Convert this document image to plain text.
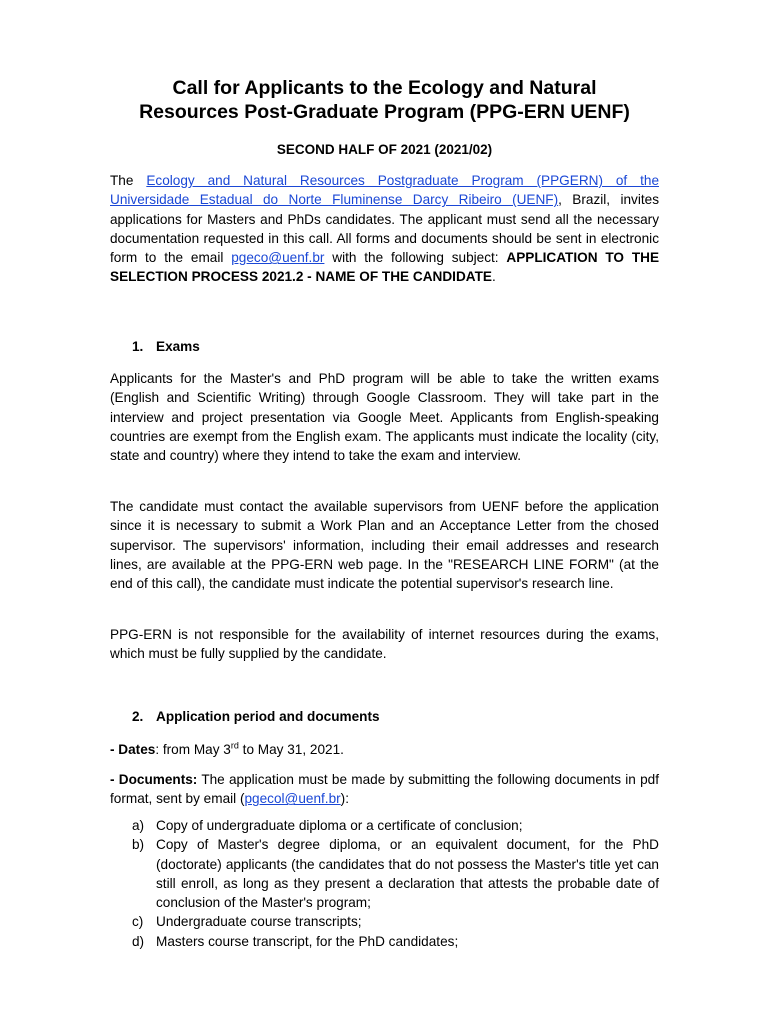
Call for Applicants to the Ecology and Natural
Resources Post-Graduate Program (PPG-ERN UENF)
SECOND HALF OF 2021 (2021/02)
The Ecology and Natural Resources Postgraduate Program (PPGERN) of the Universidade Estadual do Norte Fluminense Darcy Ribeiro (UENF), Brazil, invites applications for Masters and PhDs candidates. The applicant must send all the necessary documentation requested in this call. All forms and documents should be sent in electronic form to the email pgeco@uenf.br with the following subject: APPLICATION TO THE SELECTION PROCESS 2021.2 - NAME OF THE CANDIDATE.
1. Exams
Applicants for the Master's and PhD program will be able to take the written exams (English and Scientific Writing) through Google Classroom. They will take part in the interview and project presentation via Google Meet. Applicants from English-speaking countries are exempt from the English exam. The applicants must indicate the locality (city, state and country) where they intend to take the exam and interview.
The candidate must contact the available supervisors from UENF before the application since it is necessary to submit a Work Plan and an Acceptance Letter from the chosed supervisor. The supervisors' information, including their email addresses and research lines, are available at the PPG-ERN web page. In the "RESEARCH LINE FORM" (at the end of this call), the candidate must indicate the potential supervisor's research line.
PPG-ERN is not responsible for the availability of internet resources during the exams, which must be fully supplied by the candidate.
2. Application period and documents
- Dates: from May 3rd to May 31, 2021.
- Documents: The application must be made by submitting the following documents in pdf format, sent by email (pgecol@uenf.br):
a) Copy of undergraduate diploma or a certificate of conclusion;
b) Copy of Master's degree diploma, or an equivalent document, for the PhD (doctorate) applicants (the candidates that do not possess the Master's title yet can still enroll, as long as they present a declaration that attests the probable date of conclusion of the Master's program;
c) Undergraduate course transcripts;
d) Masters course transcript, for the PhD candidates;
